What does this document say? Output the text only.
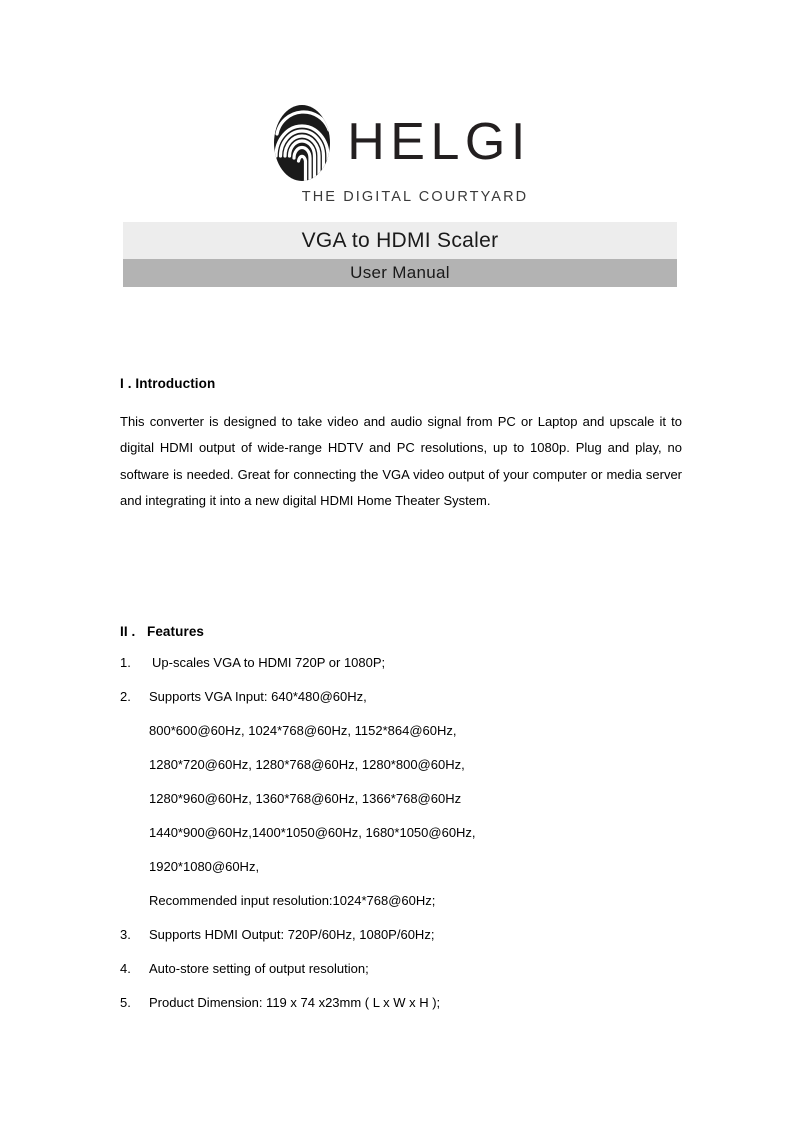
HELGI
THE DIGITAL COURTYARD
VGA to HDMI Scaler
User Manual
I . Introduction

This converter is designed to take video and audio signal from PC or Laptop and upscale it to digital HDMI output of wide-range HDTV and PC resolutions, up to 1080p. Plug and play, no software is needed. Great for connecting the VGA video output of your computer or media server and integrating it into a new digital HDMI Home Theater System.

II . Features
1.	Up-scales VGA to HDMI 720P or 1080P;
2.	Supports VGA Input: 640*480@60Hz,
800*600@60Hz, 1024*768@60Hz, 1152*864@60Hz,
1280*720@60Hz, 1280*768@60Hz, 1280*800@60Hz,
1280*960@60Hz, 1360*768@60Hz, 1366*768@60Hz
1440*900@60Hz,1400*1050@60Hz, 1680*1050@60Hz,
1920*1080@60Hz,
Recommended input resolution:1024*768@60Hz;
3.	Supports HDMI Output: 720P/60Hz, 1080P/60Hz;
4.	Auto-store setting of output resolution;
5.	Product Dimension: 119 x 74 x23mm ( L x W x H );
